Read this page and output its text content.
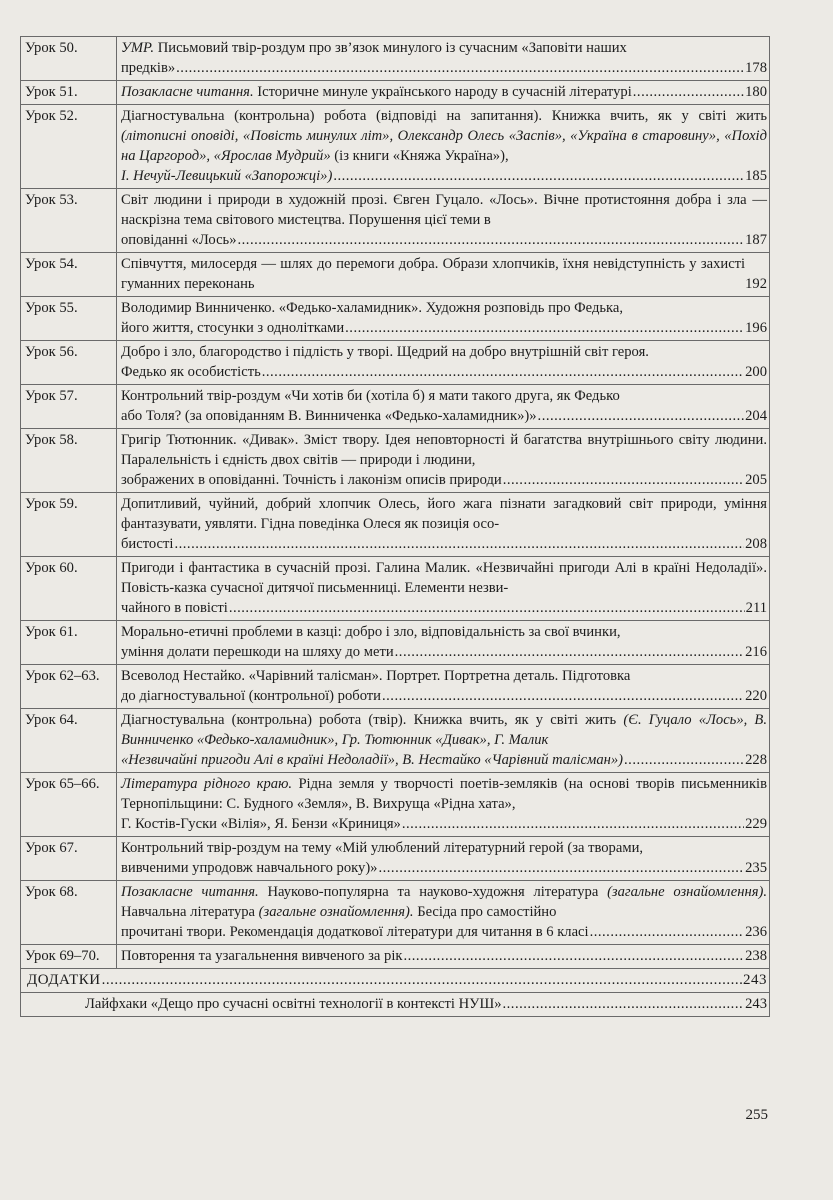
Урок 50.	УМР. Письмовий твір-роздум про зв’язок минулого із сучасним «Заповіти наших
предків» ..... 178

Урок 51.	Позакласне читання. Історичне минуле українського народу в сучасній літературі ..... 180

Урок 52.	Діагностувальна (контрольна) робота (відповіді на запитання). Книжка вчить, як у світі жить (літописні оповіді, «Повість минулих літ», Олександр Олесь «Заспів», «Україна в старовину», «Похід на Царгород», «Ярослав Мудрий» (із книги «Княжа Україна»),
І. Нечуй-Левицький «Запорожці») ..... 185

Урок 53.	Світ людини і природи в художній прозі. Євген Гуцало. «Лось». Вічне протистояння добра і зла — наскрізна тема світового мистецтва. Порушення цієї теми в
оповіданні «Лось» ..... 187

Урок 54.	Співчуття, милосердя — шлях до перемоги добра. Образи хлопчиків, їхня невідступність у захисті гуманних переконань 192

Урок 55.	Володимир Винниченко. «Федько-халамидник». Художня розповідь про Федька,
його життя, стосунки з однолітками ..... 196

Урок 56.	Добро і зло, благородство і підлість у творі. Щедрий на добро внутрішній світ героя.
Федько як особистість ..... 200

Урок 57.	Контрольний твір-роздум «Чи хотів би (хотіла б) я мати такого друга, як Федько
або Толя? (за оповіданням В. Винниченка «Федько-халамидник»)» ..... 204

Урок 58.	Григір Тютюнник. «Дивак». Зміст твору. Ідея неповторності й багатства внутрішнього світу людини. Паралельність і єдність двох світів — природи і людини,
зображених в оповіданні. Точність і лаконізм описів природи ..... 205

Урок 59.	Допитливий, чуйний, добрий хлопчик Олесь, його жага пізнати загадковий світ природи, уміння фантазувати, уявляти. Гідна поведінка Олеся як позиція осо-
бистості ..... 208

Урок 60.	Пригоди і фантастика в сучасній прозі. Галина Малик. «Незвичайні пригоди Алі в країні Недоладії». Повість-казка сучасної дитячої письменниці. Елементи незви-
чайного в повісті ..... 211

Урок 61.	Морально-етичні проблеми в казці: добро і зло, відповідальність за свої вчинки,
уміння долати перешкоди на шляху до мети ..... 216

Урок 62–63.	Всеволод Нестайко. «Чарівний талісман». Портрет. Портретна деталь. Підготовка
до діагностувальної (контрольної) роботи ..... 220

Урок 64.	Діагностувальна (контрольна) робота (твір). Книжка вчить, як у світі жить (Є. Гуцало «Лось», В. Винниченко «Федько-халамидник», Гр. Тютюнник «Дивак», Г. Малик
«Незвичайні пригоди Алі в країні Недоладії», В. Нестайко «Чарівний талісман») ..... 228

Урок 65–66.	Література рідного краю. Рідна земля у творчості поетів-земляків (на основі творів письменників Тернопільщини: С. Будного «Земля», В. Вихруща «Рідна хата»,
Г. Костів-Гуски «Вілія», Я. Бензи «Криниця» ..... 229

Урок 67.	Контрольний твір-роздум на тему «Мій улюблений літературний герой (за творами,
вивченими упродовж навчального року)» ..... 235

Урок 68.	Позакласне читання. Науково-популярна та науково-художня література (загальне ознайомлення). Навчальна література (загальне ознайомлення). Бесіда про самостійно
прочитані твори. Рекомендація додаткової літератури для читання в 6 класі ..... 236

Урок 69–70.	Повторення та узагальнення вивченого за рік ..... 238

ДОДАТКИ ..... 243

Лайфхаки «Дещо про сучасні освітні технології в контексті НУШ» ..... 243
255
